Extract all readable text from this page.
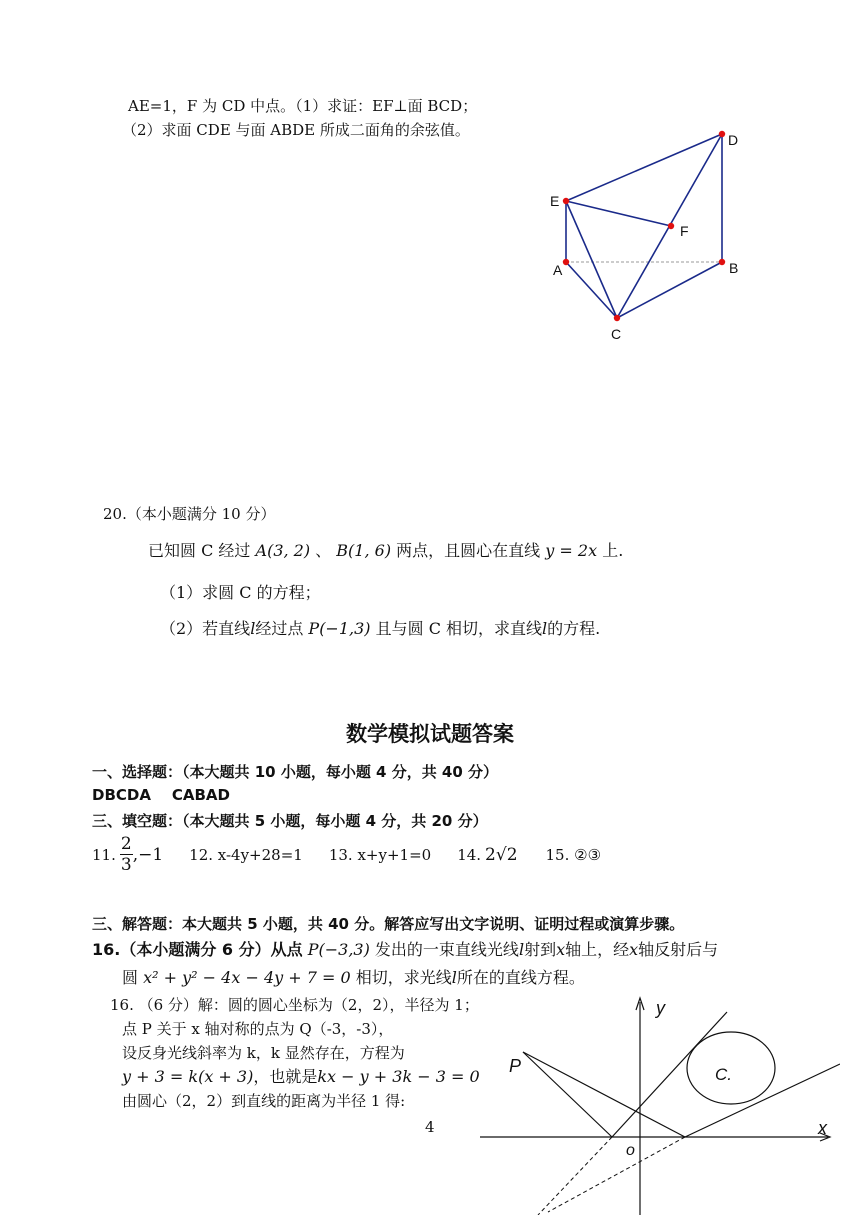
AE=1，F 为 CD 中点。（1）求证：EF⊥面 BCD；
（2）求面 CDE 与面 ABDE 所成二面角的余弦值。
D
E
F
A	B
C
20.（本小题满分 10 分）
已知圆 C 经过 A(3, 2) 、 B(1, 6) 两点，且圆心在直线 y = 2x 上.
（1）求圆 C 的方程；
（2）若直线l经过点 P(−1,3) 且与圆 C 相切，求直线l的方程.
数学模拟试题答案
一、选择题：（本大题共 10 小题，每小题 4 分，共 40 分）
DBCDA    CABAD
三、填空题：（本大题共 5 小题，每小题 4 分，共 20 分）
11. $\frac{2}{3} ,-1$ 12. x-4y+28=1 13. x+y+1=0 14. 2√2 15. ②③
三、解答题：本大题共 5 小题，共 40 分。解答应写出文字说明、证明过程或演算步骤。
16.（本小题满分 6 分）从点 P(−3,3) 发出的一束直线光线l射到x轴上，经x轴反射后与
圆 x² + y² − 4x − 4y + 7 = 0 相切，求光线l所在的直线方程。
16. （6 分）解：圆的圆心坐标为（2，2），半径为 1；
点 P 关于 x 轴对称的点为 Q（-3，-3），
设反身光线斜率为 k，k 显然存在，方程为
y + 3 = k(x + 3)，也就是kx − y + 3k − 3 = 0
由圆心（2，2）到直线的距离为半径 1 得:
4
y
x
o
P	C.
